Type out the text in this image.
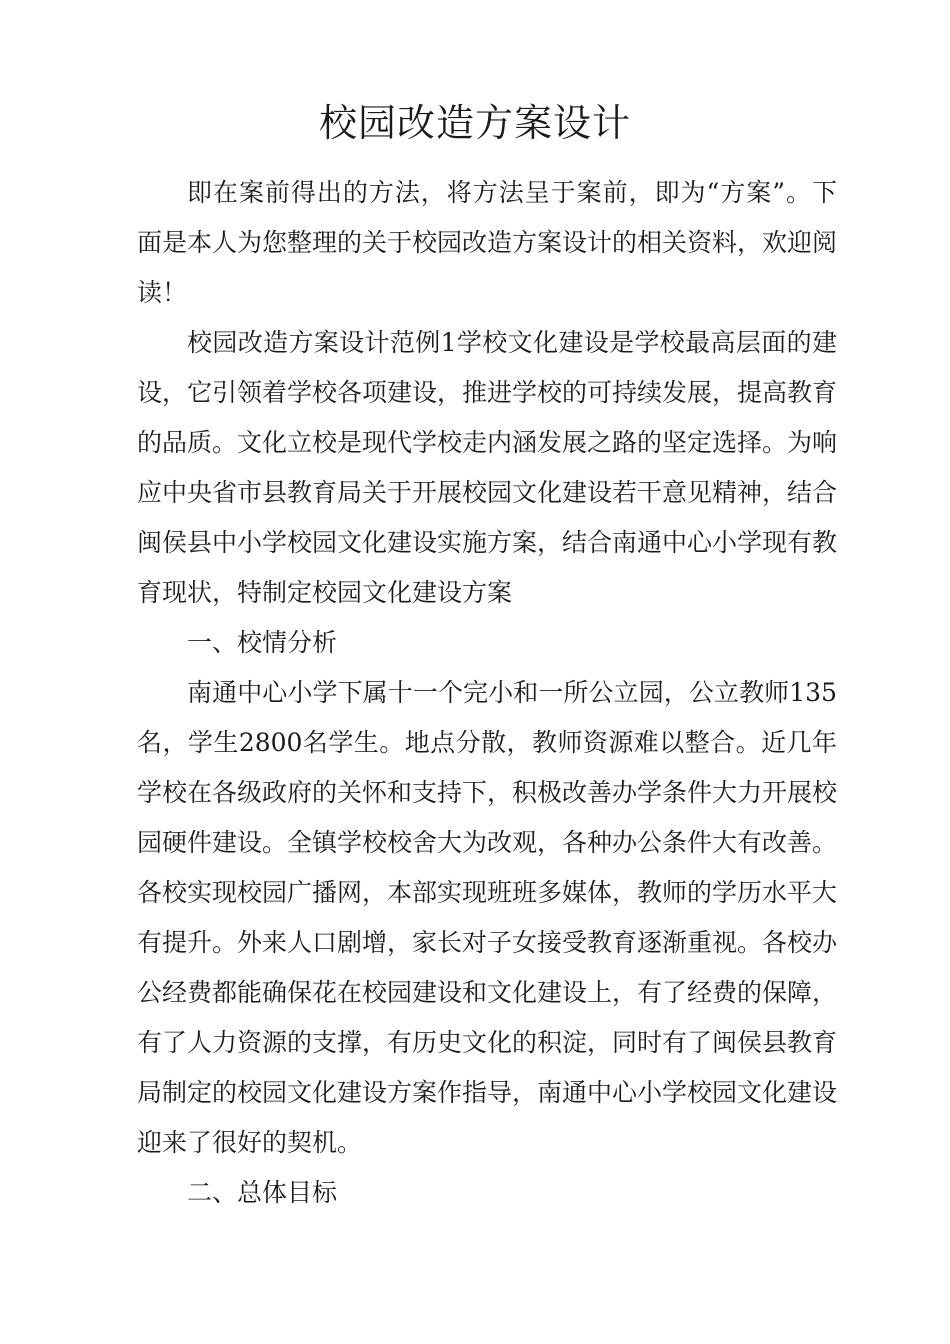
校园改造方案设计

即在案前得出的方法，将方法呈于案前，即为“方案”。下面是本人为您整理的关于校园改造方案设计的相关资料，欢迎阅读！

校园改造方案设计范例1学校文化建设是学校最高层面的建设，它引领着学校各项建设，推进学校的可持续发展，提高教育的品质。文化立校是现代学校走内涵发展之路的坚定选择。为响应中央省市县教育局关于开展校园文化建设若干意见精神，结合闽侯县中小学校园文化建设实施方案，结合南通中心小学现有教育现状，特制定校园文化建设方案

一、校情分析

南通中心小学下属十一个完小和一所公立园，公立教师135名，学生2800名学生。地点分散，教师资源难以整合。近几年学校在各级政府的关怀和支持下，积极改善办学条件大力开展校园硬件建设。全镇学校校舍大为改观，各种办公条件大有改善。各校实现校园广播网，本部实现班班多媒体，教师的学历水平大有提升。外来人口剧增，家长对子女接受教育逐渐重视。各校办公经费都能确保花在校园建设和文化建设上，有了经费的保障，有了人力资源的支撑，有历史文化的积淀，同时有了闽侯县教育局制定的校园文化建设方案作指导，南通中心小学校园文化建设迎来了很好的契机。

二、总体目标
